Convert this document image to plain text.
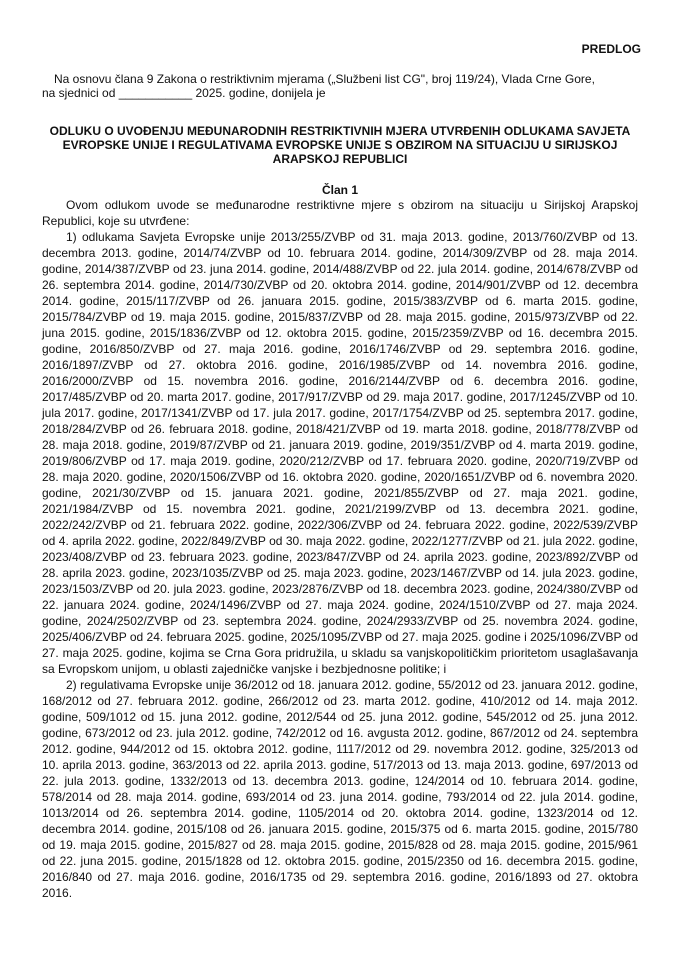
PREDLOG

Na osnovu člana 9 Zakona o restriktivnim mjerama („Službeni list CG", broj 119/24), Vlada Crne Gore,

na sjednici od ___________ 2025. godine, donijela je

ODLUKU O UVOĐENJU MEĐUNARODNIH RESTRIKTIVNIH MJERA UTVRĐENIH ODLUKAMA SAVJETA EVROPSKE UNIJE I REGULATIVAMA EVROPSKE UNIJE S OBZIROM NA SITUACIJU U SIRIJSKOJ ARAPSKOJ REPUBLICI
Član 1

Ovom odlukom uvode se međunarodne restriktivne mjere s obzirom na situaciju u Sirijskoj Arapskoj Republici, koje su utvrđene:

1) odlukama Savjeta Evropske unije 2013/255/ZVBP od 31. maja 2013. godine, 2013/760/ZVBP od 13. decembra 2013. godine, 2014/74/ZVBP od 10. februara 2014. godine, 2014/309/ZVBP od 28. maja 2014. godine, 2014/387/ZVBP od 23. juna 2014. godine, 2014/488/ZVBP od 22. jula 2014. godine, 2014/678/ZVBP od 26. septembra 2014. godine, 2014/730/ZVBP od 20. oktobra 2014. godine, 2014/901/ZVBP od 12. decembra 2014. godine, 2015/117/ZVBP od 26. januara 2015. godine, 2015/383/ZVBP od 6. marta 2015. godine, 2015/784/ZVBP od 19. maja 2015. godine, 2015/837/ZVBP od 28. maja 2015. godine, 2015/973/ZVBP od 22. juna 2015. godine, 2015/1836/ZVBP od 12. oktobra 2015. godine, 2015/2359/ZVBP od 16. decembra 2015. godine, 2016/850/ZVBP od 27. maja 2016. godine, 2016/1746/ZVBP od 29. septembra 2016. godine, 2016/1897/ZVBP od 27. oktobra 2016. godine, 2016/1985/ZVBP od 14. novembra 2016. godine, 2016/2000/ZVBP od 15. novembra 2016. godine, 2016/2144/ZVBP od 6. decembra 2016. godine, 2017/485/ZVBP od 20. marta 2017. godine, 2017/917/ZVBP od 29. maja 2017. godine, 2017/1245/ZVBP od 10. jula 2017. godine, 2017/1341/ZVBP od 17. jula 2017. godine, 2017/1754/ZVBP od 25. septembra 2017. godine, 2018/284/ZVBP od 26. februara 2018. godine, 2018/421/ZVBP od 19. marta 2018. godine, 2018/778/ZVBP od 28. maja 2018. godine, 2019/87/ZVBP od 21. januara 2019. godine, 2019/351/ZVBP od 4. marta 2019. godine, 2019/806/ZVBP od 17. maja 2019. godine, 2020/212/ZVBP od 17. februara 2020. godine, 2020/719/ZVBP od 28. maja 2020. godine, 2020/1506/ZVBP od 16. oktobra 2020. godine, 2020/1651/ZVBP od 6. novembra 2020. godine, 2021/30/ZVBP od 15. januara 2021. godine, 2021/855/ZVBP od 27. maja 2021. godine, 2021/1984/ZVBP od 15. novembra 2021. godine, 2021/2199/ZVBP od 13. decembra 2021. godine, 2022/242/ZVBP od 21. februara 2022. godine, 2022/306/ZVBP od 24. februara 2022. godine, 2022/539/ZVBP od 4. aprila 2022. godine, 2022/849/ZVBP od 30. maja 2022. godine, 2022/1277/ZVBP od 21. jula 2022. godine, 2023/408/ZVBP od 23. februara 2023. godine, 2023/847/ZVBP od 24. aprila 2023. godine, 2023/892/ZVBP od 28. aprila 2023. godine, 2023/1035/ZVBP od 25. maja 2023. godine, 2023/1467/ZVBP od 14. jula 2023. godine, 2023/1503/ZVBP od 20. jula 2023. godine, 2023/2876/ZVBP od 18. decembra 2023. godine, 2024/380/ZVBP od 22. januara 2024. godine, 2024/1496/ZVBP od 27. maja 2024. godine, 2024/1510/ZVBP od 27. maja 2024. godine, 2024/2502/ZVBP od 23. septembra 2024. godine, 2024/2933/ZVBP od 25. novembra 2024. godine, 2025/406/ZVBP od 24. februara 2025. godine, 2025/1095/ZVBP od 27. maja 2025. godine i 2025/1096/ZVBP od 27. maja 2025. godine, kojima se Crna Gora pridružila, u skladu sa vanjskopolitičkim prioritetom usaglašavanja sa Evropskom unijom, u oblasti zajedničke vanjske i bezbjednosne politike; i

2) regulativama Evropske unije 36/2012 od 18. januara 2012. godine, 55/2012 od 23. januara 2012. godine, 168/2012 od 27. februara 2012. godine, 266/2012 od 23. marta 2012. godine, 410/2012 od 14. maja 2012. godine, 509/1012 od 15. juna 2012. godine, 2012/544 od 25. juna 2012. godine, 545/2012 od 25. juna 2012. godine, 673/2012 od 23. jula 2012. godine, 742/2012 od 16. avgusta 2012. godine, 867/2012 od 24. septembra 2012. godine, 944/2012 od 15. oktobra 2012. godine, 1117/2012 od 29. novembra 2012. godine, 325/2013 od 10. aprila 2013. godine, 363/2013 od 22. aprila 2013. godine, 517/2013 od 13. maja 2013. godine, 697/2013 od 22. jula 2013. godine, 1332/2013 od 13. decembra 2013. godine, 124/2014 od 10. februara 2014. godine, 578/2014 od 28. maja 2014. godine, 693/2014 od 23. juna 2014. godine, 793/2014 od 22. jula 2014. godine, 1013/2014 od 26. septembra 2014. godine, 1105/2014 od 20. oktobra 2014. godine, 1323/2014 od 12. decembra 2014. godine, 2015/108 od 26. januara 2015. godine, 2015/375 od 6. marta 2015. godine, 2015/780 od 19. maja 2015. godine, 2015/827 od 28. maja 2015. godine, 2015/828 od 28. maja 2015. godine, 2015/961 od 22. juna 2015. godine, 2015/1828 od 12. oktobra 2015. godine, 2015/2350 od 16. decembra 2015. godine, 2016/840 od 27. maja 2016. godine, 2016/1735 od 29. septembra 2016. godine, 2016/1893 od 27. oktobra 2016.
